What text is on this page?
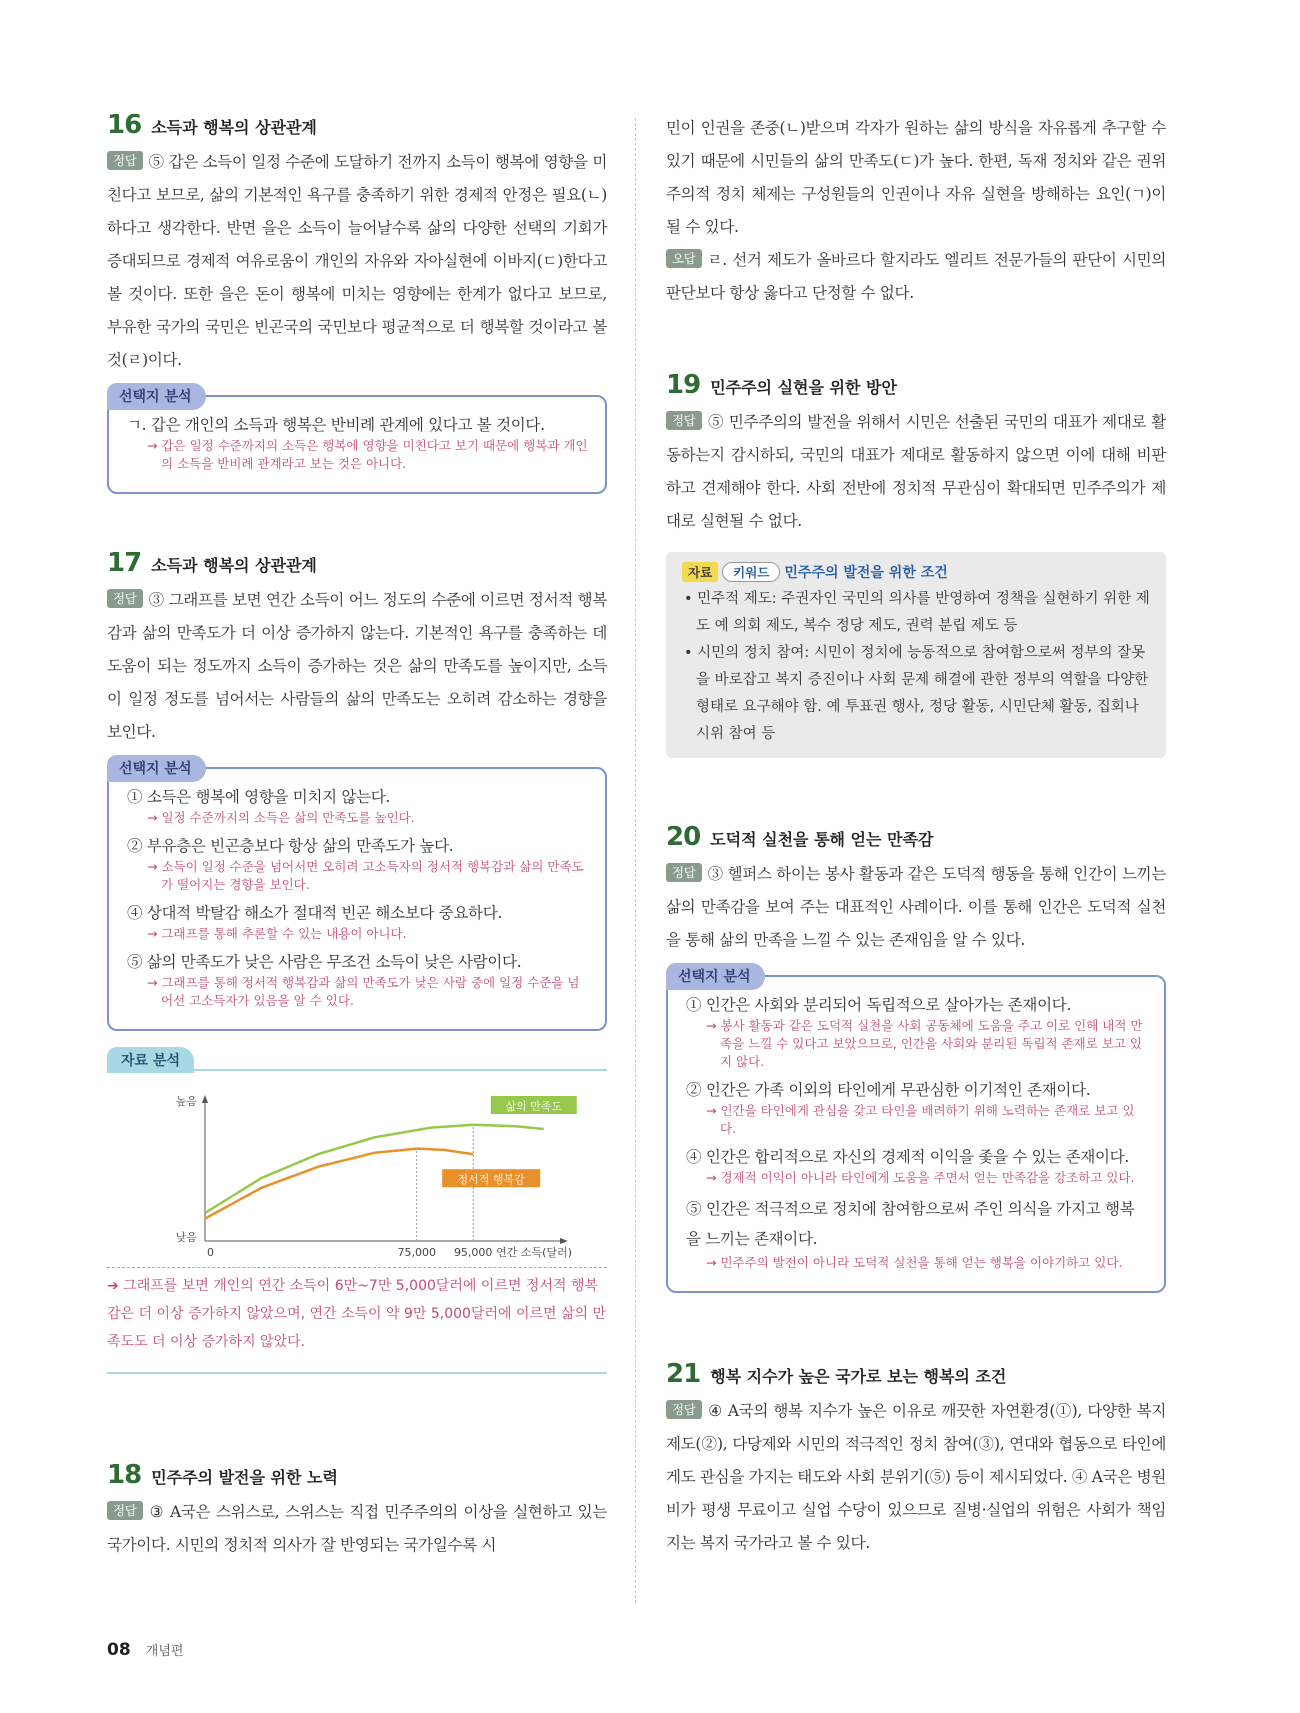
16 소득과 행복의 상관관계

정답 ⑤ 갑은 소득이 일정 수준에 도달하기 전까지 소득이 행복에 영향을 미친다고 보므로, 삶의 기본적인 욕구를 충족하기 위한 경제적 안정은 필요(ㄴ)하다고 생각한다. 반면 을은 소득이 늘어날수록 삶의 다양한 선택의 기회가 증대되므로 경제적 여유로움이 개인의 자유와 자아실현에 이바지(ㄷ)한다고 볼 것이다. 또한 을은 돈이 행복에 미치는 영향에는 한계가 없다고 보므로, 부유한 국가의 국민은 빈곤국의 국민보다 평균적으로 더 행복할 것이라고 볼 것(ㄹ)이다.

선택지 분석
ㄱ. 갑은 개인의 소득과 행복은 반비례 관계에 있다고 볼 것이다.
→ 갑은 일정 수준까지의 소득은 행복에 영향을 미친다고 보기 때문에 행복과 개인의 소득을 반비례 관계라고 보는 것은 아니다.
17 소득과 행복의 상관관계

정답 ③ 그래프를 보면 연간 소득이 어느 정도의 수준에 이르면 정서적 행복감과 삶의 만족도가 더 이상 증가하지 않는다. 기본적인 욕구를 충족하는 데 도움이 되는 정도까지 소득이 증가하는 것은 삶의 만족도를 높이지만, 소득이 일정 정도를 넘어서는 사람들의 삶의 만족도는 오히려 감소하는 경향을 보인다.

선택지 분석
① 소득은 행복에 영향을 미치지 않는다.
→ 일정 수준까지의 소득은 삶의 만족도를 높인다.
② 부유층은 빈곤층보다 항상 삶의 만족도가 높다.
→ 소득이 일정 수준을 넘어서면 오히려 고소득자의 정서적 행복감과 삶의 만족도가 떨어지는 경향을 보인다.
④ 상대적 박탈감 해소가 절대적 빈곤 해소보다 중요하다.
→ 그래프를 통해 추론할 수 있는 내용이 아니다.
⑤ 삶의 만족도가 낮은 사람은 무조건 소득이 낮은 사람이다.
→ 그래프를 통해 정서적 행복감과 삶의 만족도가 낮은 사람 중에 일정 수준을 넘어선 고소득자가 있음을 알 수 있다.
자료 분석
높음
낮음
0	연간 소득(달러)
75,000 95,000
삶의 만족도
정서적 행복감
➔ 그래프를 보면 개인의 연간 소득이 6만~7만 5,000달러에 이르면 정서적 행복감은 더 이상 증가하지 않았으며, 연간 소득이 약 9만 5,000달러에 이르면 삶의 만족도도 더 이상 증가하지 않았다.
18 민주주의 발전을 위한 노력

정답 ③ A국은 스위스로, 스위스는 직접 민주주의의 이상을 실현하고 있는 국가이다. 시민의 정치적 의사가 잘 반영되는 국가일수록 시

민이 인권을 존중(ㄴ)받으며 각자가 원하는 삶의 방식을 자유롭게 추구할 수 있기 때문에 시민들의 삶의 만족도(ㄷ)가 높다. 한편, 독재 정치와 같은 권위주의적 정치 체제는 구성원들의 인권이나 자유 실현을 방해하는 요인(ㄱ)이 될 수 있다.

오답 ㄹ. 선거 제도가 올바르다 할지라도 엘리트 전문가들의 판단이 시민의 판단보다 항상 옳다고 단정할 수 없다.

19 민주주의 실현을 위한 방안

정답 ⑤ 민주주의의 발전을 위해서 시민은 선출된 국민의 대표가 제대로 활동하는지 감시하되, 국민의 대표가 제대로 활동하지 않으면 이에 대해 비판하고 견제해야 한다. 사회 전반에 정치적 무관심이 확대되면 민주주의가 제대로 실현될 수 없다.

자료 키워드 민주주의 발전을 위한 조건
• 민주적 제도: 주권자인 국민의 의사를 반영하여 정책을 실현하기 위한 제도 예 의회 제도, 복수 정당 제도, 권력 분립 제도 등
• 시민의 정치 참여: 시민이 정치에 능동적으로 참여함으로써 정부의 잘못을 바로잡고 복지 증진이나 사회 문제 해결에 관한 정부의 역할을 다양한 형태로 요구해야 함. 예 투표권 행사, 정당 활동, 시민단체 활동, 집회나 시위 참여 등
20 도덕적 실천을 통해 얻는 만족감

정답 ③ 헬퍼스 하이는 봉사 활동과 같은 도덕적 행동을 통해 인간이 느끼는 삶의 만족감을 보여 주는 대표적인 사례이다. 이를 통해 인간은 도덕적 실천을 통해 삶의 만족을 느낄 수 있는 존재임을 알 수 있다.

선택지 분석
① 인간은 사회와 분리되어 독립적으로 살아가는 존재이다.
→ 봉사 활동과 같은 도덕적 실천을 사회 공동체에 도움을 주고 이로 인해 내적 만족을 느낄 수 있다고 보았으므로, 인간을 사회와 분리된 독립적 존재로 보고 있지 않다.
② 인간은 가족 이외의 타인에게 무관심한 이기적인 존재이다.
→ 인간을 타인에게 관심을 갖고 타인을 배려하기 위해 노력하는 존재로 보고 있다.
④ 인간은 합리적으로 자신의 경제적 이익을 좇을 수 있는 존재이다.
→ 경제적 이익이 아니라 타인에게 도움을 주면서 얻는 만족감을 강조하고 있다.
⑤ 인간은 적극적으로 정치에 참여함으로써 주인 의식을 가지고 행복을 느끼는 존재이다.
→ 민주주의 발전이 아니라 도덕적 실천을 통해 얻는 행복을 이야기하고 있다.
21 행복 지수가 높은 국가로 보는 행복의 조건

정답 ④ A국의 행복 지수가 높은 이유로 깨끗한 자연환경(①), 다양한 복지 제도(②), 다당제와 시민의 적극적인 정치 참여(③), 연대와 협동으로 타인에게도 관심을 가지는 태도와 사회 분위기(⑤) 등이 제시되었다. ④ A국은 병원비가 평생 무료이고 실업 수당이 있으므로 질병·실업의 위험은 사회가 책임지는 복지 국가라고 볼 수 있다.

08 개념편
